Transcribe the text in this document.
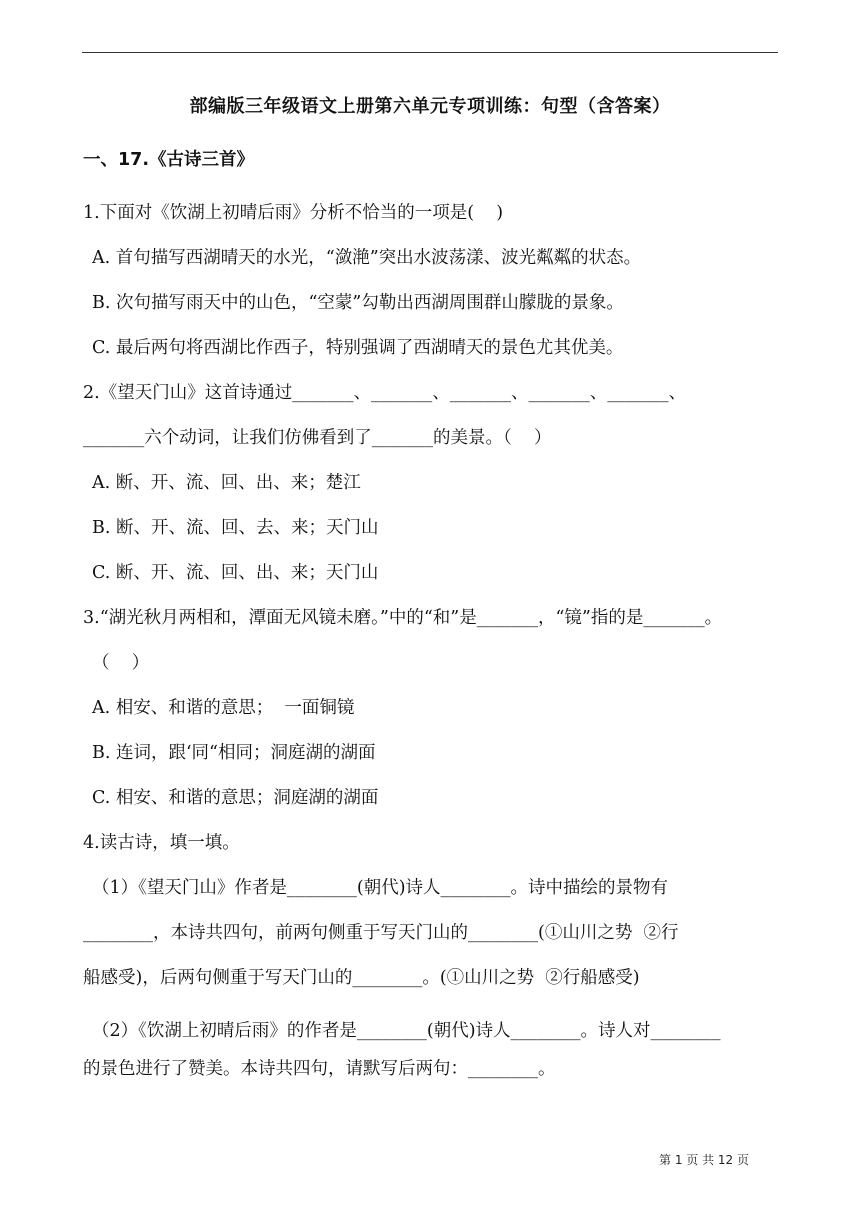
部编版三年级语文上册第六单元专项训练：句型（含答案）
一、17.《古诗三首》
1.下面对《饮湖上初晴后雨》分析不恰当的一项是(    )
A. 首句描写西湖晴天的水光，“潋滟”突出水波荡漾、波光粼粼的状态。
B. 次句描写雨天中的山色，“空蒙”勾勒出西湖周围群山朦胧的景象。
C. 最后两句将西湖比作西子，特别强调了西湖晴天的景色尤其优美。
2.《望天门山》这首诗通过_______、_______、_______、_______、_______、
_______六个动词，让我们仿佛看到了_______的美景。（    ）
A. 断、开、流、回、出、来；楚江
B. 断、开、流、回、去、来；天门山
C. 断、开、流、回、出、来；天门山
3.“湖光秋月两相和，潭面无风镜未磨。”中的“和”是_______，“镜”指的是_______。
（    ）
A. 相安、和谐的意思；  一面铜镜
B. 连词，跟‘同“相同；洞庭湖的湖面
C. 相安、和谐的意思；洞庭湖的湖面
4.读古诗，填一填。
（1）《望天门山》作者是________(朝代)诗人________。诗中描绘的景物有
________，本诗共四句，前两句侧重于写天门山的________(①山川之势  ②行
船感受)，后两句侧重于写天门山的________。(①山川之势  ②行船感受)
（2）《饮湖上初晴后雨》的作者是________(朝代)诗人________。诗人对________
的景色进行了赞美。本诗共四句，请默写后两句：________。
第 1 页 共 12 页
